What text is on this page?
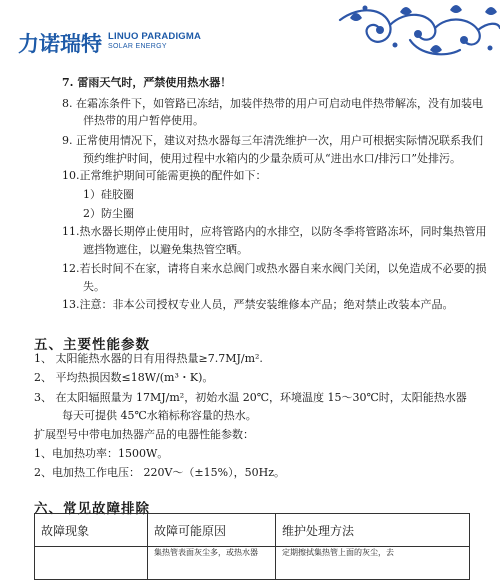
力诺瑞特 LINUO PARADIGMA
SOLAR ENERGY
7. 雷雨天气时，严禁使用热水器！
8. 在霜冻条件下，如管路已冻结，加装伴热带的用户可启动电伴热带解冻，没有加装电
伴热带的用户暂停使用。
9. 正常使用情况下，建议对热水器每三年清洗维护一次，用户可根据实际情况联系我们
预约维护时间，使用过程中水箱内的少量杂质可从“进出水口/排污口”处排污。
10.正常维护期间可能需更换的配件如下：
1）硅胶圈
2）防尘圈
11.热水器长期停止使用时，应将管路内的水排空，以防冬季将管路冻坏，同时集热管用
遮挡物遮住，以避免集热管空晒。
12.若长时间不在家，请将自来水总阀门或热水器自来水阀门关闭，以免造成不必要的损
失。
13.注意：非本公司授权专业人员，严禁安装维修本产品；绝对禁止改装本产品。
五、主要性能参数
1、 太阳能热水器的日有用得热量≥7.7MJ/m².
2、 平均热损因数≤18W/(m³・K)。
3、 在太阳辐照量为 17MJ/m²，初始水温 20℃，环境温度 15～30℃时，太阳能热水器
每天可提供 45℃水箱标称容量的热水。
扩展型号中带电加热器产品的电器性能参数：
1、电加热功率：1500W。
2、电加热工作电压： 220V～（±15%），50Hz。
六、常见故障排除
故障现象	故障可能原因	维护处理方法
	集热管表面灰尘多，或热水器	定期擦拭集热管上面的灰尘，去
